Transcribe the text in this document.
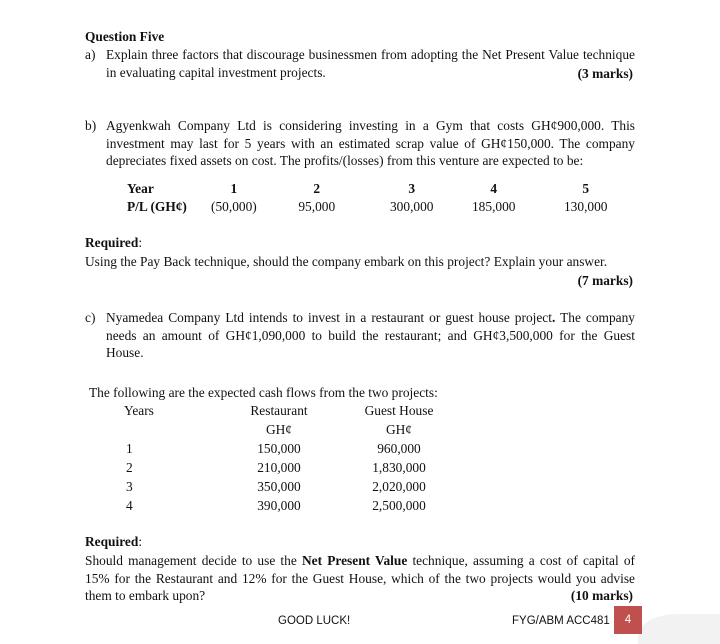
Question Five
a) Explain three factors that discourage businessmen from adopting the Net Present Value technique in evaluating capital investment projects.	(3 marks)
b) Agyenkwah Company Ltd is considering investing in a Gym that costs GH¢900,000. This investment may last for 5 years with an estimated scrap value of GH¢150,000. The company depreciates fixed assets on cost. The profits/(losses) from this venture are expected to be:
Year	1	2	3	4	5
P/L (GH¢)	(50,000)	95,000	300,000	185,000	130,000
Required:
Using the Pay Back technique, should the company embark on this project? Explain your answer.
(7 marks)
c) Nyamedea Company Ltd intends to invest in a restaurant or guest house project. The company needs an amount of GH¢1,090,000 to build the restaurant; and GH¢3,500,000 for the Guest House.
The following are the expected cash flows from the two projects:
Years	Restaurant	Guest House
	GH¢	GH¢
1	150,000	960,000
2	210,000	1,830,000
3	350,000	2,020,000
4	390,000	2,500,000
Required:
Should management decide to use the Net Present Value technique, assuming a cost of capital of 15% for the Restaurant and 12% for the Guest House, which of the two projects would you advise them to embark upon?	(10 marks)
GOOD LUCK!	FYG/ABM ACC481	4
